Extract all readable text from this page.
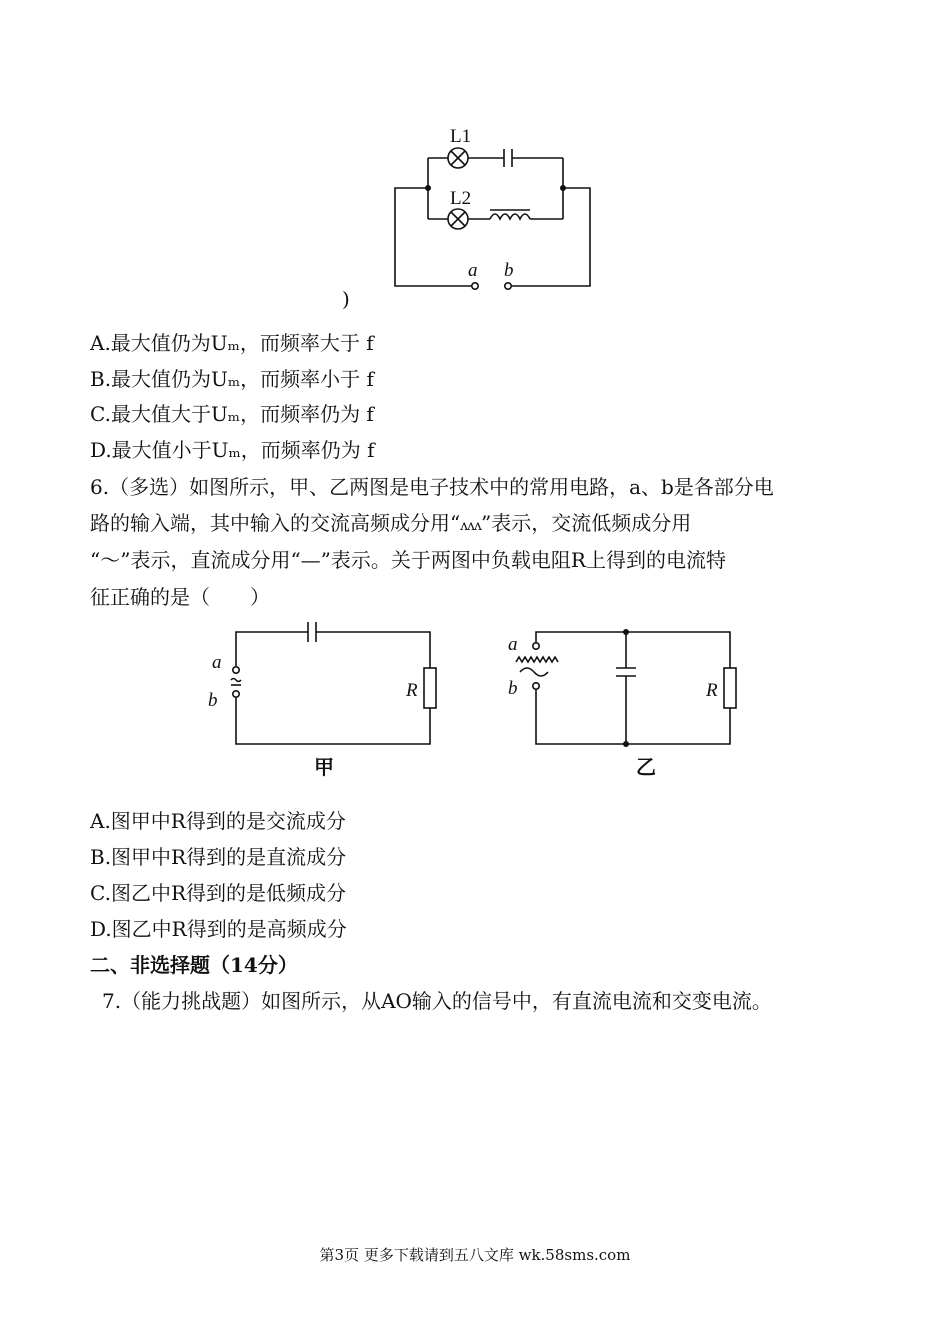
L1
L2
a b
)
A.最大值仍为Uₘ，而频率大于 f
B.最大值仍为Uₘ，而频率小于 f
C.最大值大于Uₘ，而频率仍为 f
D.最大值小于Uₘ，而频率仍为 f
6.（多选）如图所示，甲、乙两图是电子技术中的常用电路，a、b是各部分电
路的输入端，其中输入的交流高频成分用“ʌʌʌ”表示，交流低频成分用
“～”表示，直流成分用“—”表示。关于两图中负载电阻R上得到的电流特
征正确的是（　　）
a
b	R
甲
a
b	R
乙
A.图甲中R得到的是交流成分
B.图甲中R得到的是直流成分
C.图乙中R得到的是低频成分
D.图乙中R得到的是高频成分
二、非选择题（14分）
7.（能力挑战题）如图所示，从AO输入的信号中，有直流电流和交变电流。
第3页 更多下载请到五八文库 wk.58sms.com
